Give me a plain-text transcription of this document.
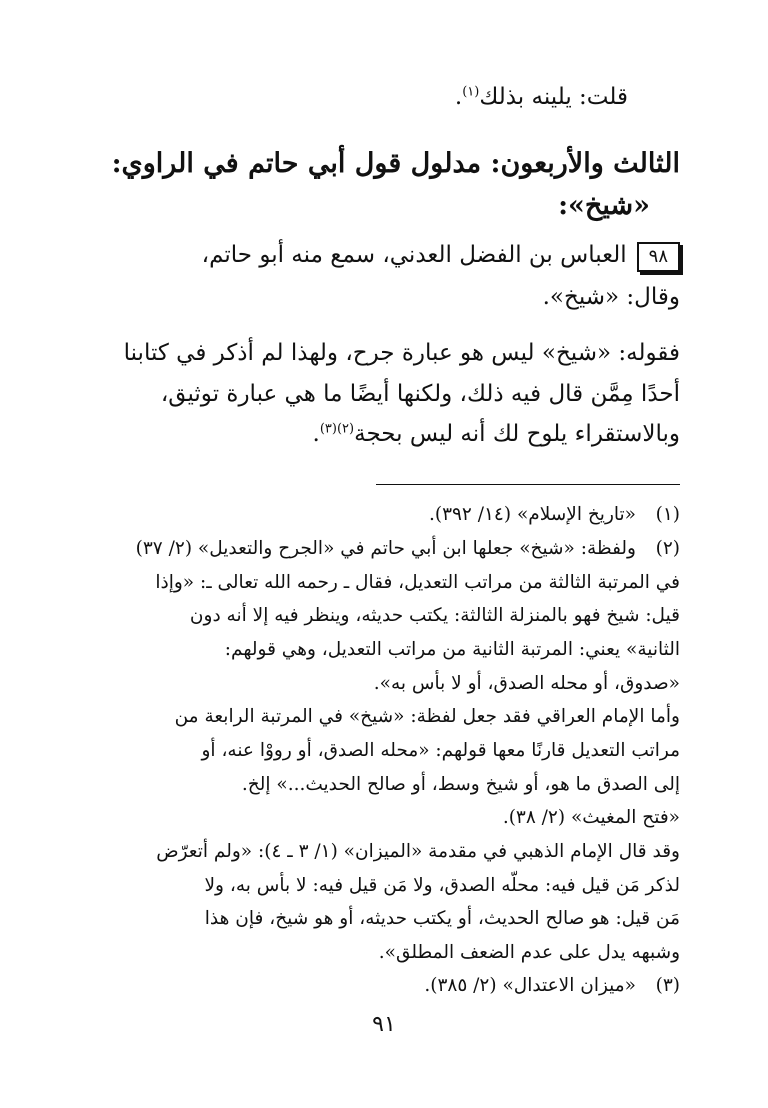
قلت: يلينه بذلك$^{(١)}$.
الثالث والأربعون: مدلول قول أبي حاتم في الراوي:
«شيخ»:
٩٨العباس بن الفضل العدني، سمع منه أبو حاتم،
وقال: «شيخ».
فقوله: «شيخ» ليس هو عبارة جرح، ولهذا لم أذكر في كتابنا
أحدًا مِمَّن قال فيه ذلك، ولكنها أيضًا ما هي عبارة توثيق،
وبالاستقراء يلوح لك أنه ليس بحجة$^{(٢)(٣)}$.
(١)
«تاريخ الإسلام» (١٤/ ٣٩٢).
(٢)
ولفظة: «شيخ» جعلها ابن أبي حاتم في «الجرح والتعديل» (٢/ ٣٧)
في المرتبة الثالثة من مراتب التعديل، فقال ـ رحمه الله تعالى ـ: «وإذا
قيل: شيخ فهو بالمنزلة الثالثة: يكتب حديثه، وينظر فيه إلا أنه دون
الثانية» يعني: المرتبة الثانية من مراتب التعديل، وهي قولهم:
«صدوق، أو محله الصدق، أو لا بأس به».
وأما الإمام العراقي فقد جعل لفظة: «شيخ» في المرتبة الرابعة من
مراتب التعديل قارنًا معها قولهم: «محله الصدق، أو رووْا عنه، أو
إلى الصدق ما هو، أو شيخ وسط، أو صالح الحديث...» إلخ.
«فتح المغيث» (٢/ ٣٨).
وقد قال الإمام الذهبي في مقدمة «الميزان» (١/ ٣ ـ ٤): «ولم أتعرّض
لذكر مَن قيل فيه: محلّه الصدق، ولا مَن قيل فيه: لا بأس به، ولا
مَن قيل: هو صالح الحديث، أو يكتب حديثه، أو هو شيخ، فإن هذا
وشبهه يدل على عدم الضعف المطلق».
(٣)
«ميزان الاعتدال» (٢/ ٣٨٥).
٩١
